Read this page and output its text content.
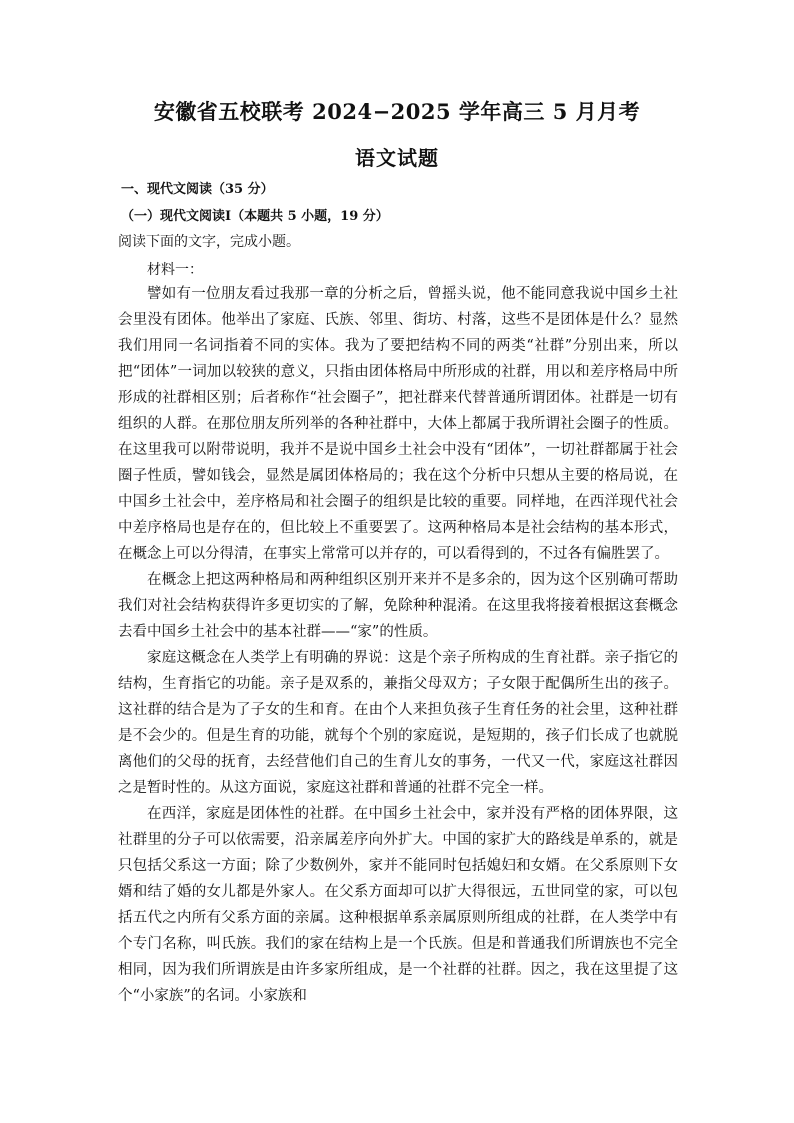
安徽省五校联考 2024−2025 学年高三 5 月月考
语文试题
一、现代文阅读（35 分）
（一）现代文阅读Ⅰ（本题共 5 小题，19 分）
阅读下面的文字，完成小题。
材料一：

譬如有一位朋友看过我那一章的分析之后，曾摇头说，他不能同意我说中国乡土社会里没有团体。他举出了家庭、氏族、邻里、街坊、村落，这些不是团体是什么？显然我们用同一名词指着不同的实体。我为了要把结构不同的两类“社群”分别出来，所以把“团体”一词加以较狭的意义，只指由团体格局中所形成的社群，用以和差序格局中所形成的社群相区别；后者称作“社会圈子”，把社群来代替普通所谓团体。社群是一切有组织的人群。在那位朋友所列举的各种社群中，大体上都属于我所谓社会圈子的性质。在这里我可以附带说明，我并不是说中国乡土社会中没有“团体”，一切社群都属于社会圈子性质，譬如钱会，显然是属团体格局的；我在这个分析中只想从主要的格局说，在中国乡土社会中，差序格局和社会圈子的组织是比较的重要。同样地，在西洋现代社会中差序格局也是存在的，但比较上不重要罢了。这两种格局本是社会结构的基本形式，在概念上可以分得清，在事实上常常可以并存的，可以看得到的，不过各有偏胜罢了。

在概念上把这两种格局和两种组织区别开来并不是多余的，因为这个区别确可帮助我们对社会结构获得许多更切实的了解，免除种种混淆。在这里我将接着根据这套概念去看中国乡土社会中的基本社群——“家”的性质。

家庭这概念在人类学上有明确的界说：这是个亲子所构成的生育社群。亲子指它的结构，生育指它的功能。亲子是双系的，兼指父母双方；子女限于配偶所生出的孩子。这社群的结合是为了子女的生和育。在由个人来担负孩子生育任务的社会里，这种社群是不会少的。但是生育的功能，就每个个别的家庭说，是短期的，孩子们长成了也就脱离他们的父母的抚育，去经营他们自己的生育儿女的事务，一代又一代，家庭这社群因之是暂时性的。从这方面说，家庭这社群和普通的社群不完全一样。

在西洋，家庭是团体性的社群。在中国乡土社会中，家并没有严格的团体界限，这社群里的分子可以依需要，沿亲属差序向外扩大。中国的家扩大的路线是单系的，就是只包括父系这一方面；除了少数例外，家并不能同时包括媳妇和女婿。在父系原则下女婿和结了婚的女儿都是外家人。在父系方面却可以扩大得很远，五世同堂的家，可以包括五代之内所有父系方面的亲属。这种根据单系亲属原则所组成的社群，在人类学中有个专门名称，叫氏族。我们的家在结构上是一个氏族。但是和普通我们所谓族也不完全相同，因为我们所谓族是由许多家所组成，是一个社群的社群。因之，我在这里提了这个“小家族”的名词。小家族和
